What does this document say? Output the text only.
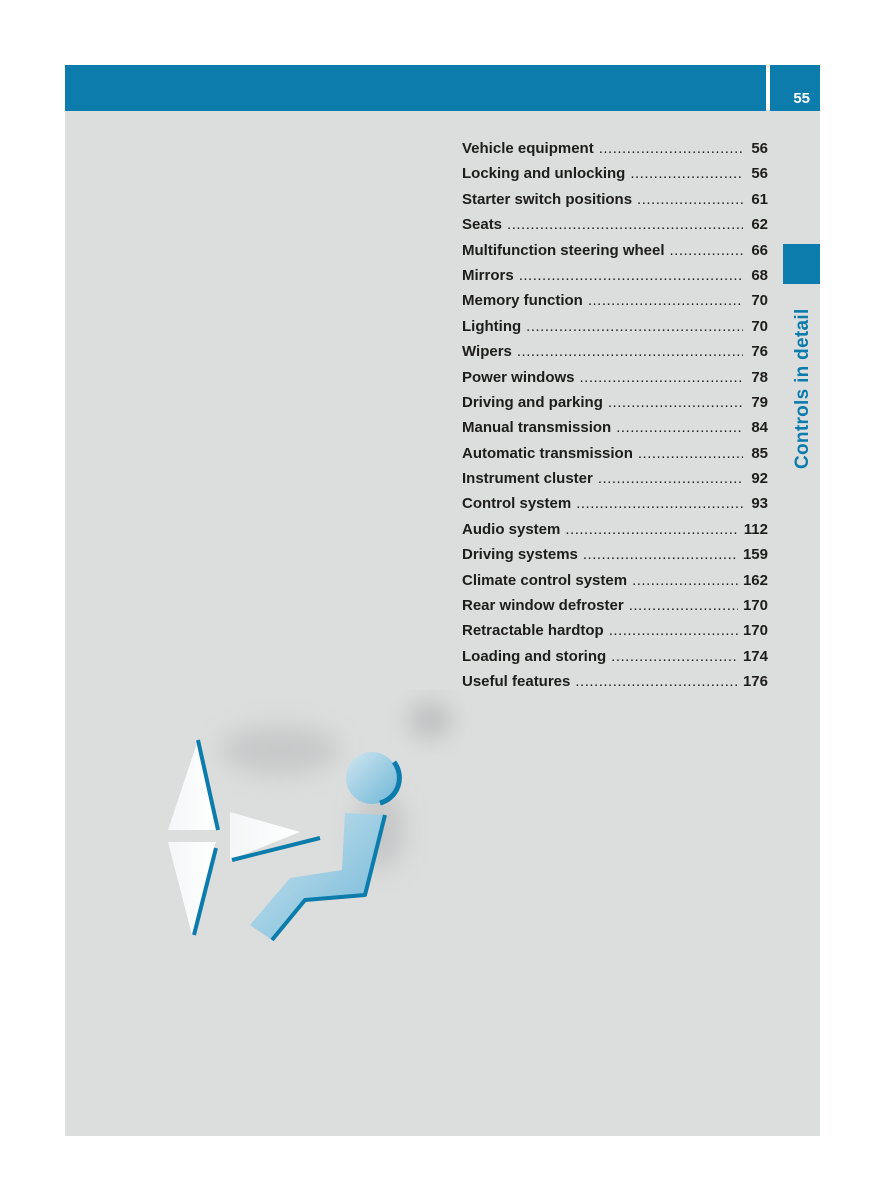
55
Controls in detail
Vehicle equipment .....	56
Locking and unlocking .....	56
Starter switch positions .....	61
Seats .....	62
Multifunction steering wheel .....	66
Mirrors .....	68
Memory function .....	70
Lighting .....	70
Wipers .....	76
Power windows .....	78
Driving and parking .....	79
Manual transmission .....	84
Automatic transmission .....	85
Instrument cluster .....	92
Control system .....	93
Audio system .....	112
Driving systems .....	159
Climate control system .....	162
Rear window defroster .....	170
Retractable hardtop .....	170
Loading and storing .....	174
Useful features .....	176
